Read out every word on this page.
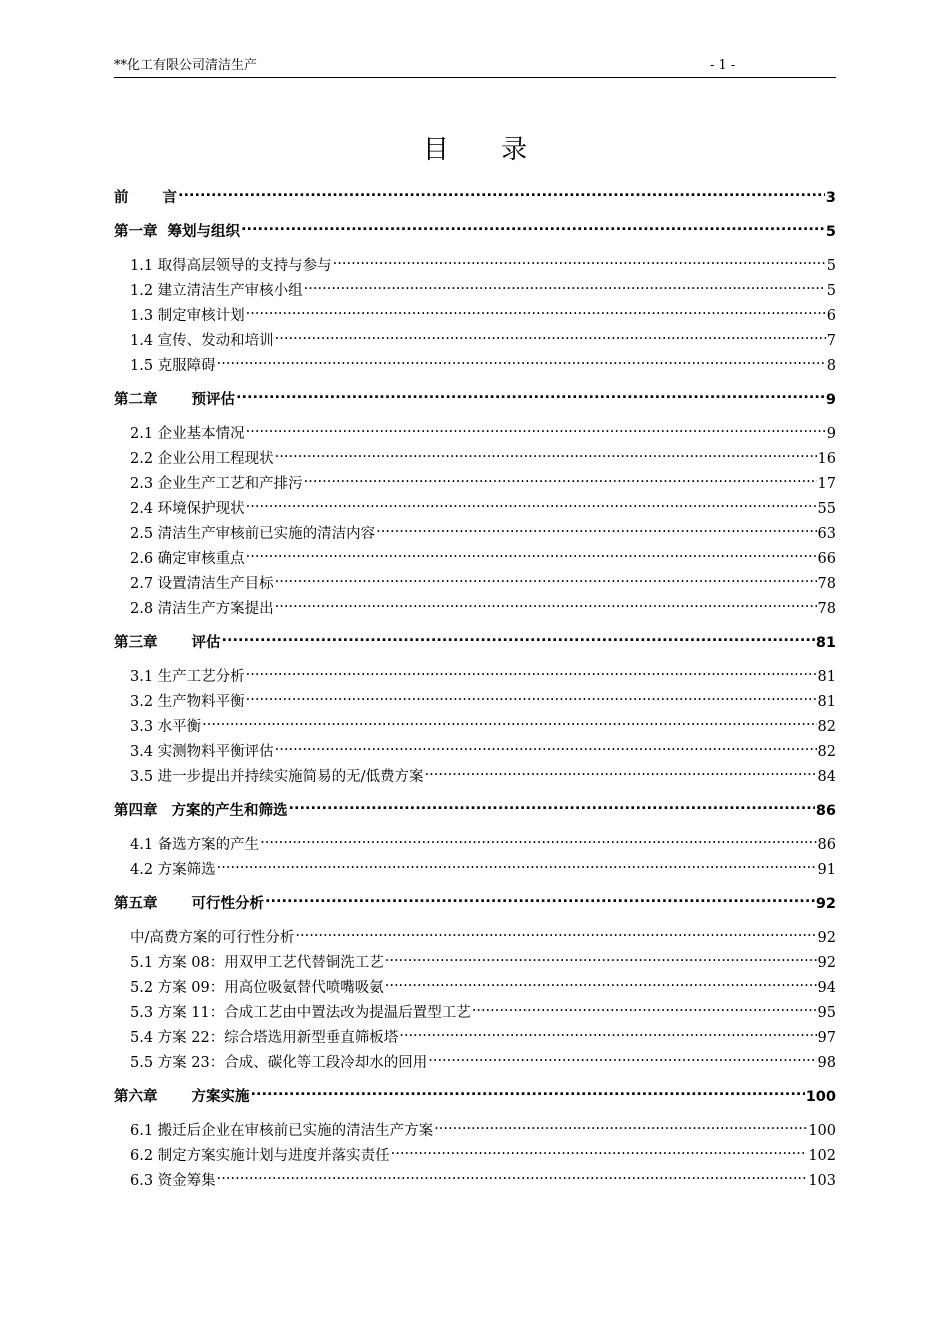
**化工有限公司清洁生产	- 1 -
目 录
前 言 .....	3
第一章 筹划与组织 .....	5
1.1 取得高层领导的支持与参与 .....	5
1.2 建立清洁生产审核小组 .....	5
1.3 制定审核计划 .....	6
1.4 宣传、发动和培训 .....	7
1.5 克服障碍 .....	8
第二章 预评估 .....	9
2.1 企业基本情况 .....	9
2.2 企业公用工程现状 .....	16
2.3 企业生产工艺和产排污 .....	17
2.4 环境保护现状 .....	55
2.5 清洁生产审核前已实施的清洁内容 .....	63
2.6 确定审核重点 .....	66
2.7 设置清洁生产目标 .....	78
2.8 清洁生产方案提出 .....	78
第三章 评估 .....	81
3.1 生产工艺分析 .....	81
3.2 生产物料平衡 .....	81
3.3 水平衡 .....	82
3.4 实测物料平衡评估 .....	82
3.5 进一步提出并持续实施简易的无/低费方案 .....	84
第四章 方案的产生和筛选 .....	86
4.1 备选方案的产生 .....	86
4.2 方案筛选 .....	91
第五章 可行性分析 .....	92
中/高费方案的可行性分析 .....	92
5.1 方案 08：用双甲工艺代替铜洗工艺 .....	92
5.2 方案 09：用高位吸氨替代喷嘴吸氨 .....	94
5.3 方案 11：合成工艺由中置法改为提温后置型工艺 .....	95
5.4 方案 22：综合塔选用新型垂直筛板塔 .....	97
5.5 方案 23：合成、碳化等工段冷却水的回用 .....	98
第六章 方案实施 .....	100
6.1 搬迁后企业在审核前已实施的清洁生产方案 .....	100
6.2 制定方案实施计划与进度并落实责任 .....	102
6.3 资金筹集 .....	103
